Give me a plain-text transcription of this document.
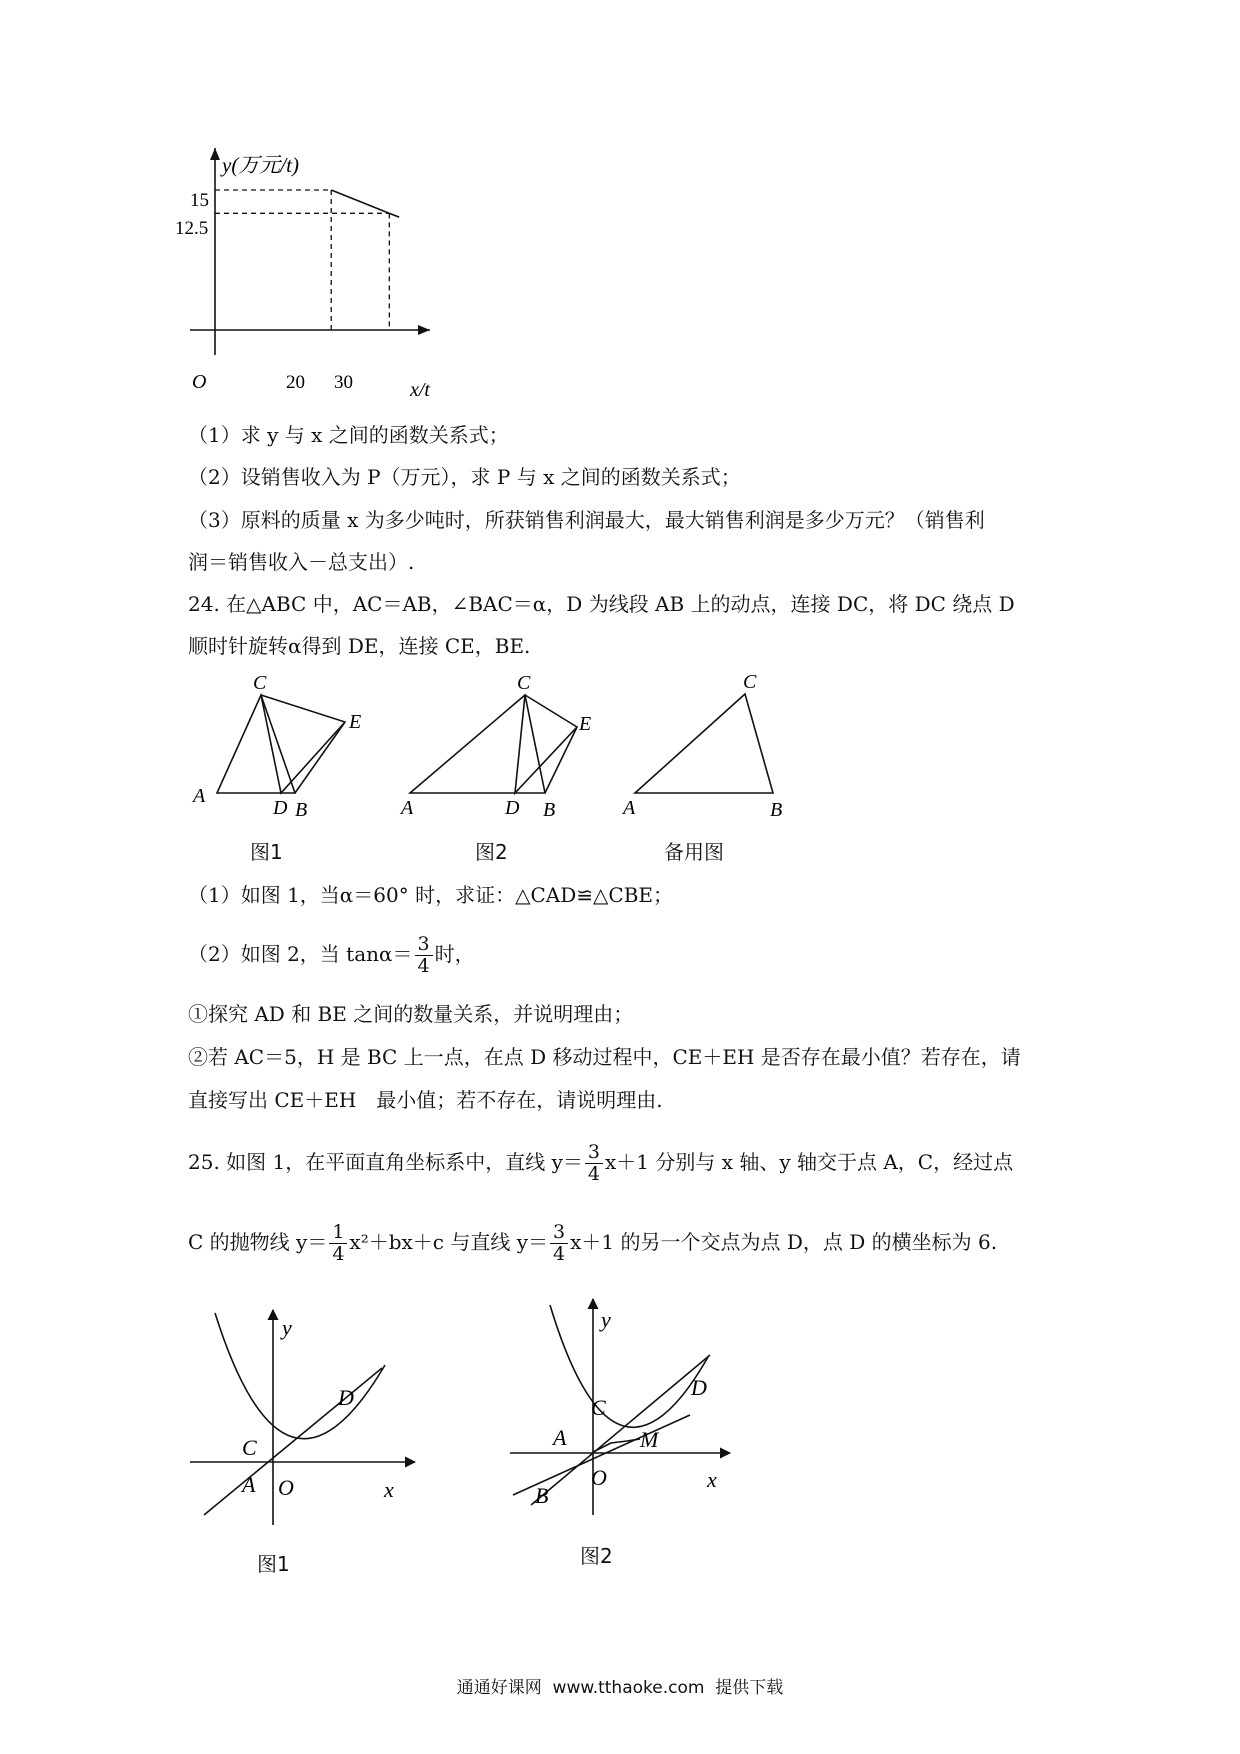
y(万元/t)
x/t
O
15
12.5
20 30
（1）求 y 与 x 之间的函数关系式；
（2）设销售收入为 P（万元），求 P 与 x 之间的函数关系式；
（3）原料的质量 x 为多少吨时，所获销售利润最大，最大销售利润是多少万元？（销售利
润＝销售收入－总支出）.
24. 在△ABC 中，AC＝AB，∠BAC＝α，D 为线段 AB 上的动点，连接 DC，将 DC 绕点 D
顺时针旋转α得到 DE，连接 CE，BE.
A
C
E
D B
图1
A
C
E
D B
图2
A
C
B
备用图
（1）如图 1，当α＝60° 时，求证：△CAD≌△CBE；
（2）如图 2，当 $\tan\alpha= \frac{3}{4}$ 时，
①探究 AD 和 BE 之间的数量关系，并说明理由；
②若 AC＝5，H 是 BC 上一点，在点 D 移动过程中，CE＋EH 是否存在最小值？若存在，请
直接写出 CE＋EH　最小值；若不存在，请说明理由.
25. 如图 1，在平面直角坐标系中，直线 $y= \frac{3}{4} x+1$ 分别与 x 轴、y 轴交于点 A，C，经过点
C 的抛物线 $y= \frac{1}{4} x^2+bx+c$ 与直线 $y= \frac{3}{4} x+1$ 的另一个交点为点 D，点 D 的横坐标为 6.
y
D
C
A O	x
图1
y
D
C
A	M
O
B
x
图2
通通好课网  www.tthaoke.com  提供下载
